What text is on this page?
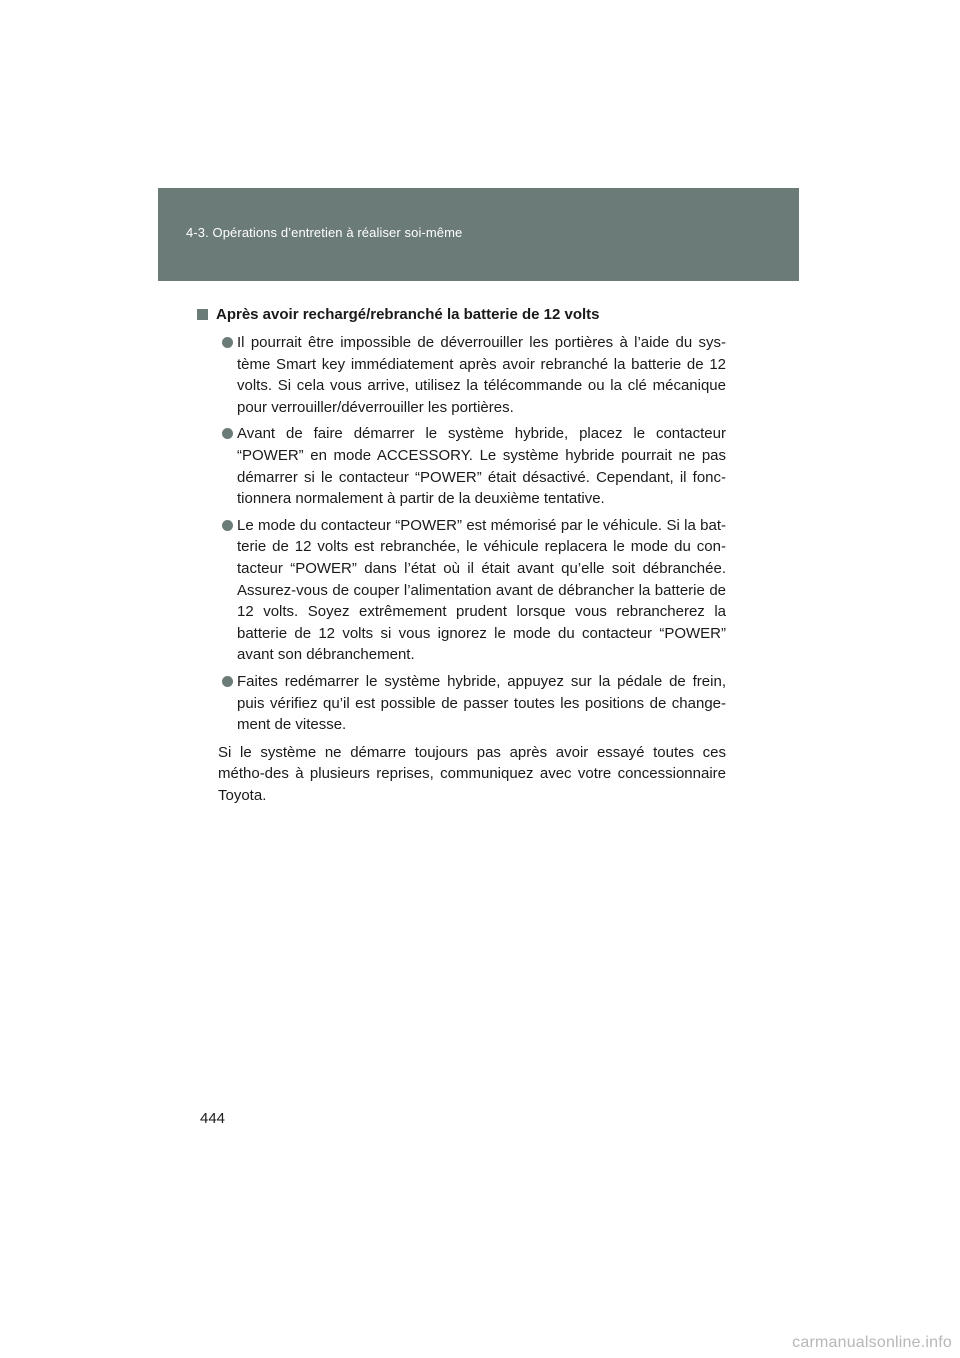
4-3. Opérations d’entretien à réaliser soi-même
Après avoir rechargé/rebranché la batterie de 12 volts
Il pourrait être impossible de déverrouiller les portières à l’aide du sys-tème Smart key immédiatement après avoir rebranché la batterie de 12 volts. Si cela vous arrive, utilisez la télécommande ou la clé mécanique pour verrouiller/déverrouiller les portières.
Avant de faire démarrer le système hybride, placez le contacteur “POWER” en mode ACCESSORY. Le système hybride pourrait ne pas démarrer si le contacteur “POWER” était désactivé. Cependant, il fonc-tionnera normalement à partir de la deuxième tentative.
Le mode du contacteur “POWER” est mémorisé par le véhicule. Si la bat-terie de 12 volts est rebranchée, le véhicule replacera le mode du con-tacteur “POWER” dans l’état où il était avant qu’elle soit débranchée. Assurez-vous de couper l’alimentation avant de débrancher la batterie de 12 volts. Soyez extrêmement prudent lorsque vous rebrancherez la batterie de 12 volts si vous ignorez le mode du contacteur “POWER” avant son débranchement.
Faites redémarrer le système hybride, appuyez sur la pédale de frein, puis vérifiez qu’il est possible de passer toutes les positions de change-ment de vitesse.

Si le système ne démarre toujours pas après avoir essayé toutes ces métho-des à plusieurs reprises, communiquez avec votre concessionnaire Toyota.

444
carmanualsonline.info
